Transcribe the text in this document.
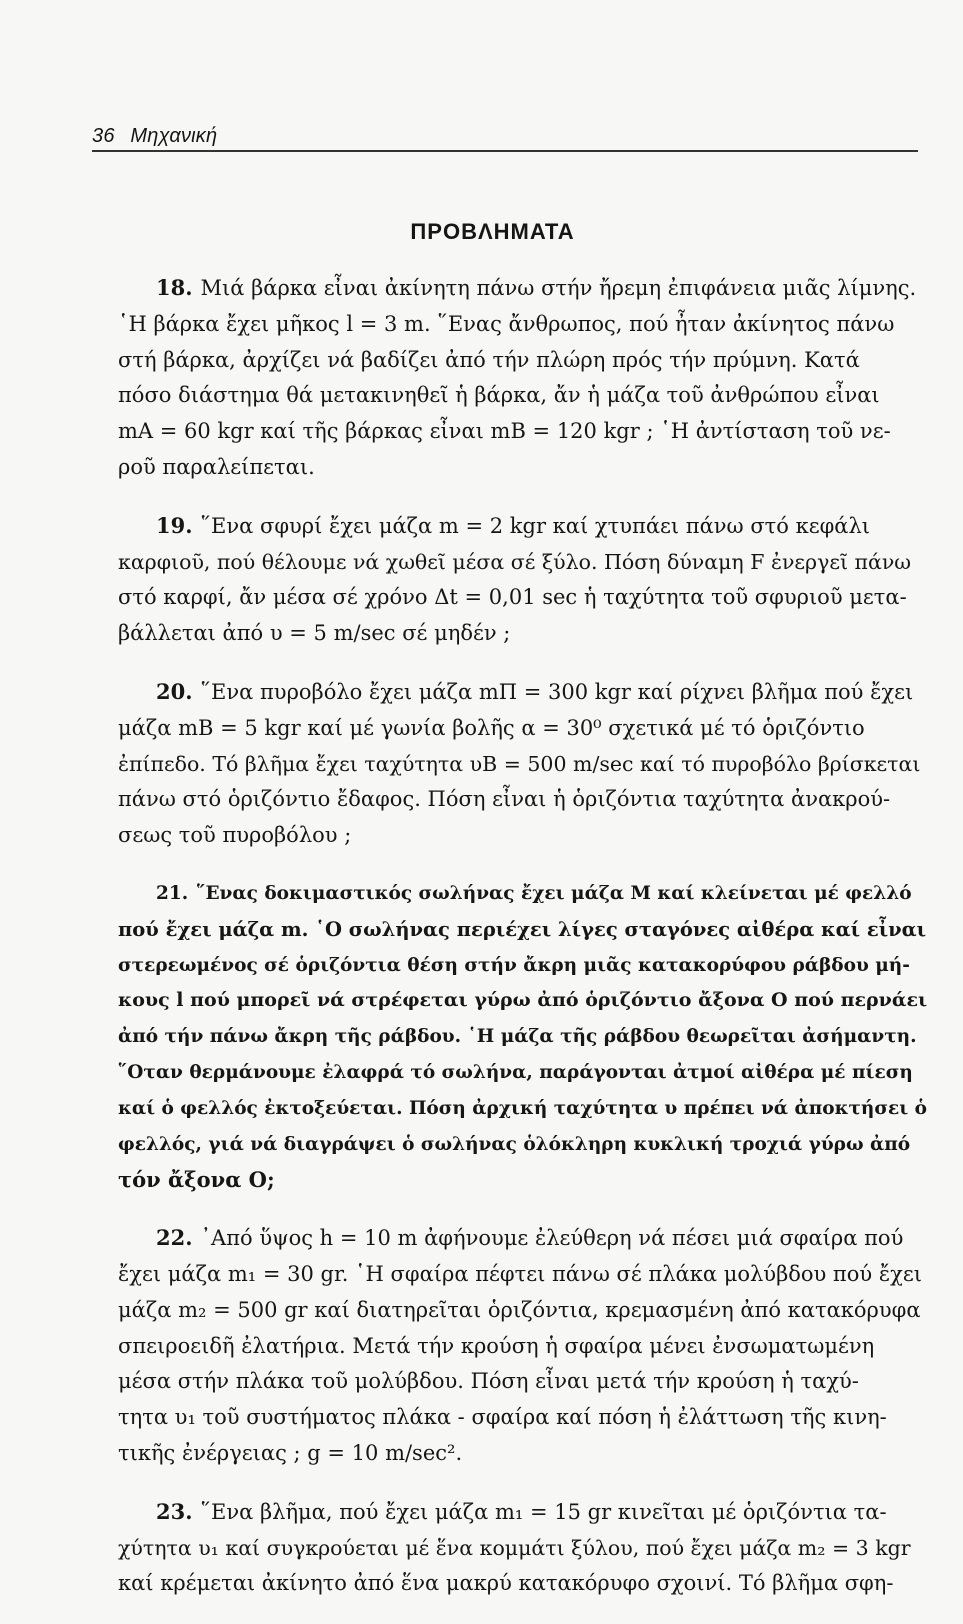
36 Μηχανική
ΠΡΟΒΛΗΜΑΤΑ
18. Μιά βάρκα εἶναι ἀκίνητη πάνω στήν ἤρεμη ἐπιφάνεια μιᾶς λίμνης.
῾Η βάρκα ἔχει μῆκος l = 3 m. ῞Ενας ἄνθρωπος, πού ἦταν ἀκίνητος πάνω
στή βάρκα, ἀρχίζει νά βαδίζει ἀπό τήν πλώρη πρός τήν πρύμνη. Κατά
πόσο διάστημα θά μετακινηθεῖ ἡ βάρκα, ἄν ἡ μάζα τοῦ ἀνθρώπου εἶναι
mA = 60 kgr καί τῆς βάρκας εἶναι mB = 120 kgr ; ῾Η ἀντίσταση τοῦ νε-
ροῦ παραλείπεται.
19. ῞Ενα σφυρί ἔχει μάζα m = 2 kgr καί χτυπάει πάνω στό κεφάλι
καρφιοῦ, πού θέλουμε νά χωθεῖ μέσα σέ ξύλο. Πόση δύναμη F ἐνεργεῖ πάνω
στό καρφί, ἄν μέσα σέ χρόνο Δt = 0,01 sec ἡ ταχύτητα τοῦ σφυριοῦ μετα-
βάλλεται ἀπό υ = 5 m/sec σέ μηδέν ;
20. ῞Ενα πυροβόλο ἔχει μάζα mΠ = 300 kgr καί ρίχνει βλῆμα πού ἔχει
μάζα mB = 5 kgr καί μέ γωνία βολῆς α = 30⁰ σχετικά μέ τό ὁριζόντιο
ἐπίπεδο. Τό βλῆμα ἔχει ταχύτητα υB = 500 m/sec καί τό πυροβόλο βρίσκεται
πάνω στό ὁριζόντιο ἔδαφος. Πόση εἶναι ἡ ὁριζόντια ταχύτητα ἀνακρού-
σεως τοῦ πυροβόλου ;
21. ῞Ενας δοκιμαστικός σωλήνας ἔχει μάζα M καί κλείνεται μέ φελλό
πού ἔχει μάζα m. ῾Ο σωλήνας περιέχει λίγες σταγόνες αἰθέρα καί εἶναι
στερεωμένος σέ ὁριζόντια θέση στήν ἄκρη μιᾶς κατακορύφου ράβδου μή-
κους l πού μπορεῖ νά στρέφεται γύρω ἀπό ὁριζόντιο ἄξονα O πού περνάει
ἀπό τήν πάνω ἄκρη τῆς ράβδου. ῾Η μάζα τῆς ράβδου θεωρεῖται ἀσήμαντη.
῞Οταν θερμάνουμε ἐλαφρά τό σωλήνα, παράγονται ἀτμοί αἰθέρα μέ πίεση
καί ὁ φελλός ἐκτοξεύεται. Πόση ἀρχική ταχύτητα υ πρέπει νά ἀποκτήσει ὁ
φελλός, γιά νά διαγράψει ὁ σωλήνας ὁλόκληρη κυκλική τροχιά γύρω ἀπό
τόν ἄξονα O;
22. ᾿Από ὕψος h = 10 m ἀφήνουμε ἐλεύθερη νά πέσει μιά σφαίρα πού
ἔχει μάζα m₁ = 30 gr. ῾Η σφαίρα πέφτει πάνω σέ πλάκα μολύβδου πού ἔχει
μάζα m₂ = 500 gr καί διατηρεῖται ὁριζόντια, κρεμασμένη ἀπό κατακόρυφα
σπειροειδῆ ἐλατήρια. Μετά τήν κρούση ἡ σφαίρα μένει ἐνσωματωμένη
μέσα στήν πλάκα τοῦ μολύβδου. Πόση εἶναι μετά τήν κρούση ἡ ταχύ-
τητα υ₁ τοῦ συστήματος πλάκα - σφαίρα καί πόση ἡ ἐλάττωση τῆς κινη-
τικῆς ἐνέργειας ; g = 10 m/sec².
23. ῞Ενα βλῆμα, πού ἔχει μάζα m₁ = 15 gr κινεῖται μέ ὁριζόντια τα-
χύτητα υ₁ καί συγκρούεται μέ ἕνα κομμάτι ξύλου, πού ἔχει μάζα m₂ = 3 kgr
καί κρέμεται ἀκίνητο ἀπό ἕνα μακρύ κατακόρυφο σχοινί. Τό βλῆμα σφη-
